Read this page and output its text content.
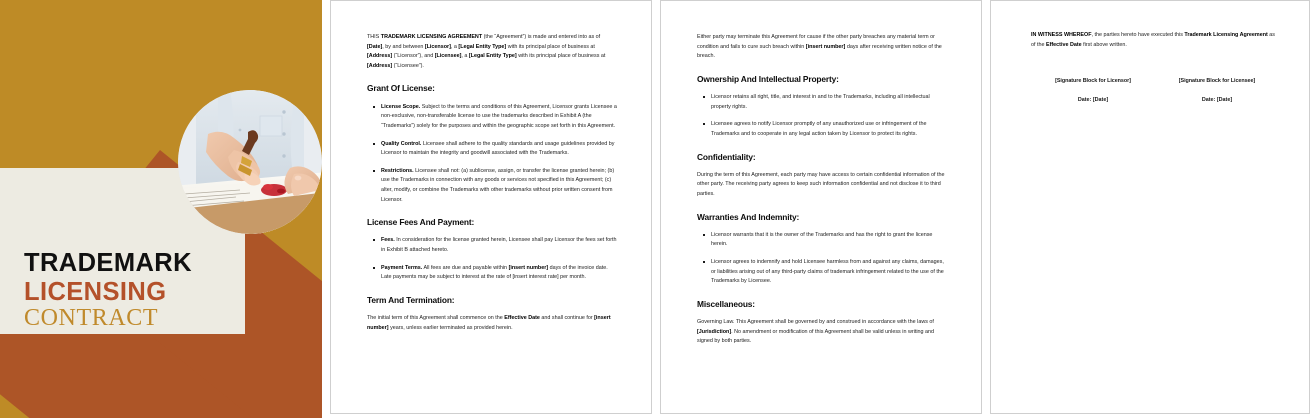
TRADEMARK
LICENSING
CONTRACT

THIS TRADEMARK LICENSING AGREEMENT (the “Agreement”) is made and entered into as of [Date], by and between [Licensor], a [Legal Entity Type] with its principal place of business at [Address] (“Licensor”), and [Licensee], a [Legal Entity Type] with its principal place of business at [Address] (“Licensee”).

Grant Of License:
License Scope. Subject to the terms and conditions of this Agreement, Licensor grants Licensee a non-exclusive, non-transferable license to use the trademarks described in Exhibit A (the “Trademarks”) solely for the purposes and within the geographic scope set forth in this Agreement.
Quality Control. Licensee shall adhere to the quality standards and usage guidelines provided by Licensor to maintain the integrity and goodwill associated with the Trademarks.
Restrictions. Licensee shall not: (a) sublicense, assign, or transfer the license granted herein; (b) use the Trademarks in connection with any goods or services not specified in this Agreement; (c) alter, modify, or combine the Trademarks with other trademarks without prior written consent from Licensor.
License Fees And Payment:
Fees. In consideration for the license granted herein, Licensee shall pay Licensor the fees set forth in Exhibit B attached hereto.
Payment Terms. All fees are due and payable within [insert number] days of the invoice date. Late payments may be subject to interest at the rate of [insert interest rate] per month.
Term And Termination:

The initial term of this Agreement shall commence on the Effective Date and shall continue for [insert number] years, unless earlier terminated as provided herein.

Either party may terminate this Agreement for cause if the other party breaches any material term or condition and fails to cure such breach within [insert number] days after receiving written notice of the breach.

Ownership And Intellectual Property:
Licensor retains all right, title, and interest in and to the Trademarks, including all intellectual property rights.
Licensee agrees to notify Licensor promptly of any unauthorized use or infringement of the Trademarks and to cooperate in any legal action taken by Licensor to protect its rights.
Confidentiality:

During the term of this Agreement, each party may have access to certain confidential information of the other party. The receiving party agrees to keep such information confidential and not disclose it to third parties.

Warranties And Indemnity:
Licensor warrants that it is the owner of the Trademarks and has the right to grant the license herein.
Licensor agrees to indemnify and hold Licensee harmless from and against any claims, damages, or liabilities arising out of any third-party claims of trademark infringement related to the use of the Trademarks by Licensee.
Miscellaneous:

Governing Law. This Agreement shall be governed by and construed in accordance with the laws of [Jurisdiction]. No amendment or modification of this Agreement shall be valid unless in writing and signed by both parties.

IN WITNESS WHEREOF, the parties hereto have executed this Trademark Licensing Agreement as of the Effective Date first above written.

[Signature Block for Licensor]
Date: [Date]
[Signature Block for Licensee]
Date: [Date]
